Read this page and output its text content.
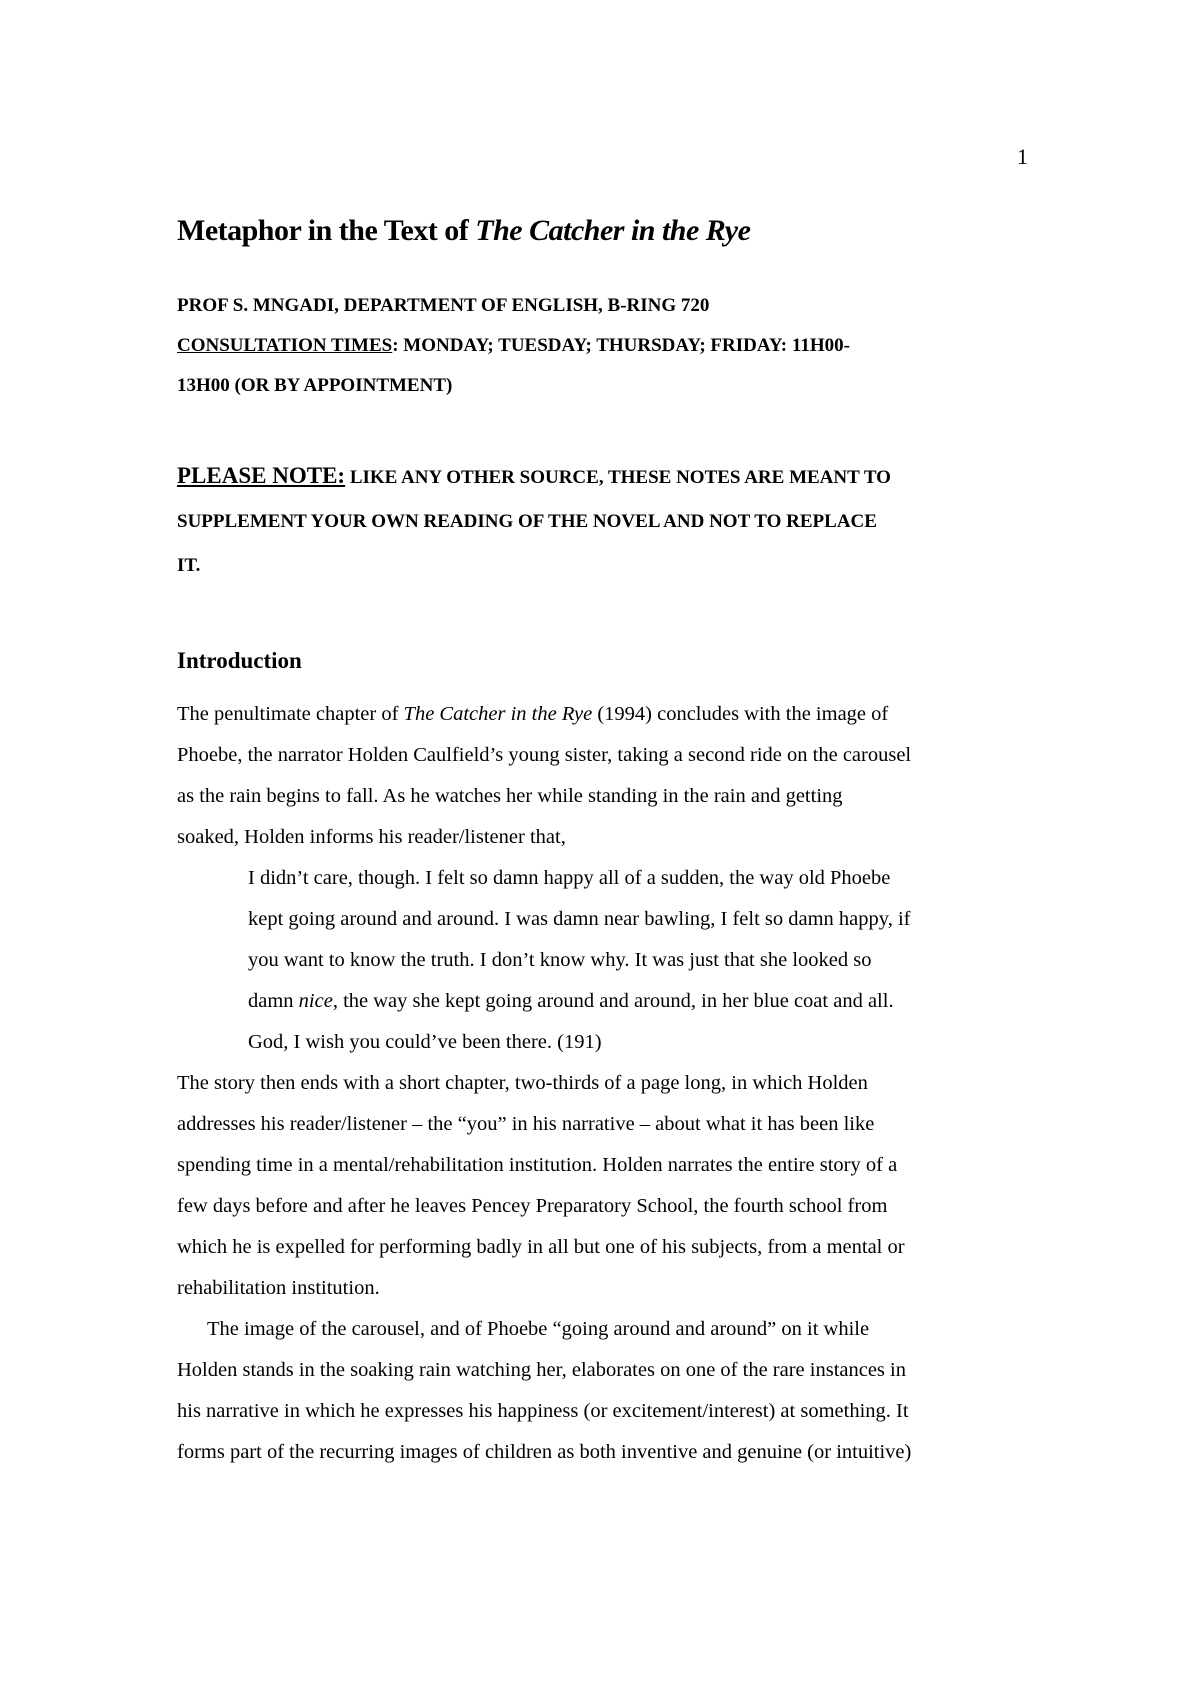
1
Metaphor in the Text of The Catcher in the Rye
PROF S. MNGADI, DEPARTMENT OF ENGLISH, B-RING 720
CONSULTATION TIMES: MONDAY; TUESDAY; THURSDAY; FRIDAY: 11H00-
13H00 (OR BY APPOINTMENT)
PLEASE NOTE: LIKE ANY OTHER SOURCE, THESE NOTES ARE MEANT TO
SUPPLEMENT YOUR OWN READING OF THE NOVEL AND NOT TO REPLACE
IT.
Introduction
The penultimate chapter of The Catcher in the Rye (1994) concludes with the image of
Phoebe, the narrator Holden Caulfield’s young sister, taking a second ride on the carousel
as the rain begins to fall. As he watches her while standing in the rain and getting
soaked, Holden informs his reader/listener that,
I didn’t care, though. I felt so damn happy all of a sudden, the way old Phoebe
kept going around and around. I was damn near bawling, I felt so damn happy, if
you want to know the truth. I don’t know why. It was just that she looked so
damn nice, the way she kept going around and around, in her blue coat and all.
God, I wish you could’ve been there. (191)
The story then ends with a short chapter, two-thirds of a page long, in which Holden
addresses his reader/listener – the “you” in his narrative – about what it has been like
spending time in a mental/rehabilitation institution. Holden narrates the entire story of a
few days before and after he leaves Pencey Preparatory School, the fourth school from
which he is expelled for performing badly in all but one of his subjects, from a mental or
rehabilitation institution.
The image of the carousel, and of Phoebe “going around and around” on it while
Holden stands in the soaking rain watching her, elaborates on one of the rare instances in
his narrative in which he expresses his happiness (or excitement/interest) at something. It
forms part of the recurring images of children as both inventive and genuine (or intuitive)
